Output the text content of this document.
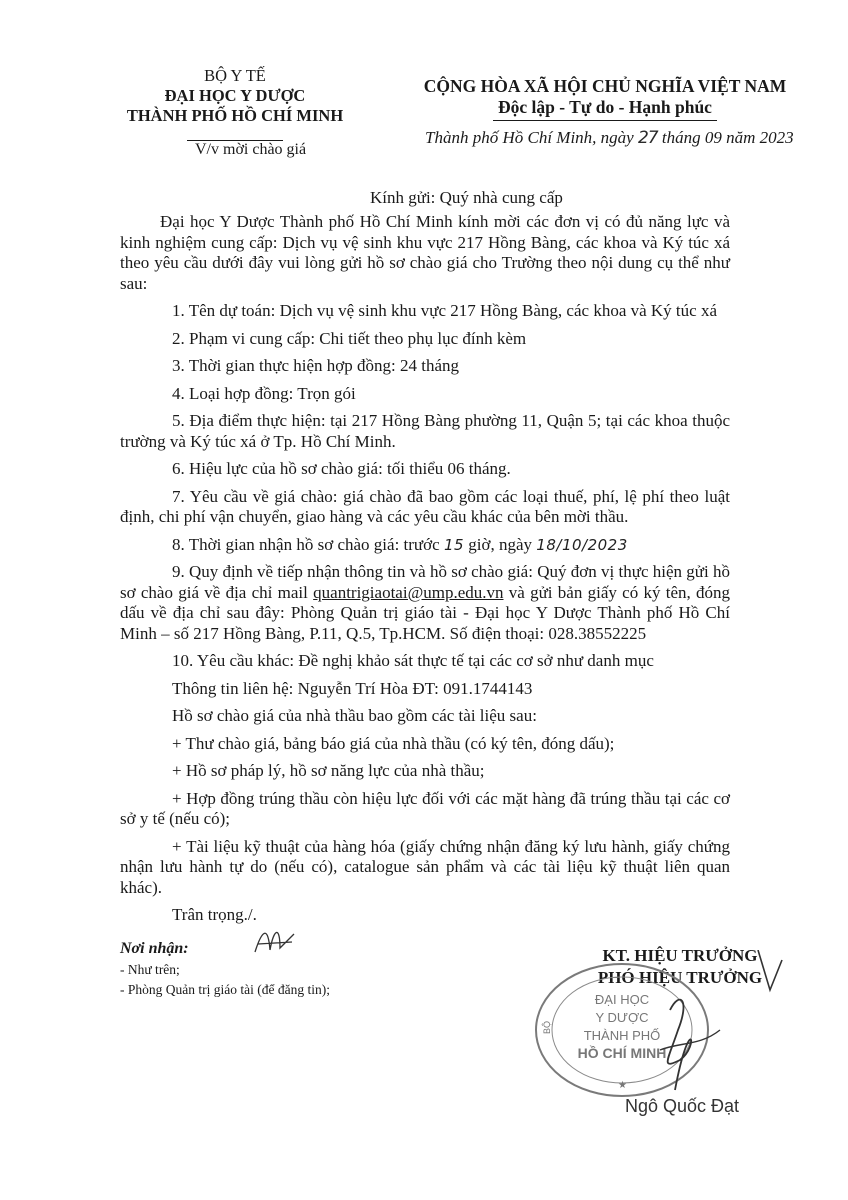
BỘ Y TẾ
ĐẠI HỌC Y DƯỢC
THÀNH PHỐ HỒ CHÍ MINH
V/v mời chào giá
CỘNG HÒA XÃ HỘI CHỦ NGHĨA VIỆT NAM
Độc lập - Tự do - Hạnh phúc
Thành phố Hồ Chí Minh, ngày 27 tháng 09 năm 2023
Kính gửi: Quý nhà cung cấp

Đại học Y Dược Thành phố Hồ Chí Minh kính mời các đơn vị có đủ năng lực và kinh nghiệm cung cấp: Dịch vụ vệ sinh khu vực 217 Hồng Bàng, các khoa và Ký túc xá theo yêu cầu dưới đây vui lòng gửi hồ sơ chào giá cho Trường theo nội dung cụ thể như sau:

1. Tên dự toán: Dịch vụ vệ sinh khu vực 217 Hồng Bàng, các khoa và Ký túc xá

2. Phạm vi cung cấp: Chi tiết theo phụ lục đính kèm

3. Thời gian thực hiện hợp đồng: 24 tháng

4. Loại hợp đồng: Trọn gói

5. Địa điểm thực hiện: tại 217 Hồng Bàng phường 11, Quận 5; tại các khoa thuộc trường và Ký túc xá ở Tp. Hồ Chí Minh.

6. Hiệu lực của hồ sơ chào giá: tối thiểu 06 tháng.

7. Yêu cầu về giá chào: giá chào đã bao gồm các loại thuế, phí, lệ phí theo luật định, chi phí vận chuyển, giao hàng và các yêu cầu khác của bên mời thầu.

8. Thời gian nhận hồ sơ chào giá: trước 15 giờ, ngày 18/10/2023

9. Quy định về tiếp nhận thông tin và hồ sơ chào giá: Quý đơn vị thực hiện gửi hồ sơ chào giá về địa chỉ mail quantrigiaotai@ump.edu.vn và gửi bản giấy có ký tên, đóng dấu về địa chỉ sau đây: Phòng Quản trị giáo tài - Đại học Y Dược Thành phố Hồ Chí Minh – số 217 Hồng Bàng, P.11, Q.5, Tp.HCM. Số điện thoại: 028.38552225

10. Yêu cầu khác: Đề nghị khảo sát thực tế tại các cơ sở như danh mục

Thông tin liên hệ: Nguyễn Trí Hòa ĐT: 091.1744143

Hồ sơ chào giá của nhà thầu bao gồm các tài liệu sau:

+ Thư chào giá, bảng báo giá của nhà thầu (có ký tên, đóng dấu);

+ Hồ sơ pháp lý, hồ sơ năng lực của nhà thầu;

+ Hợp đồng trúng thầu còn hiệu lực đối với các mặt hàng đã trúng thầu tại các cơ sở y tế (nếu có);

+ Tài liệu kỹ thuật của hàng hóa (giấy chứng nhận đăng ký lưu hành, giấy chứng nhận lưu hành tự do (nếu có), catalogue sản phẩm và các tài liệu kỹ thuật liên quan khác).

Trân trọng./.

Nơi nhận:
- Như trên;
- Phòng Quản trị giáo tài (để đăng tin);
KT. HIỆU TRƯỞNG
PHÓ HIỆU TRƯỞNG
ĐẠI HỌC
Y DƯỢC
THÀNH PHỐ
HỒ CHÍ MINH
BỘ
★
Ngô Quốc Đạt
